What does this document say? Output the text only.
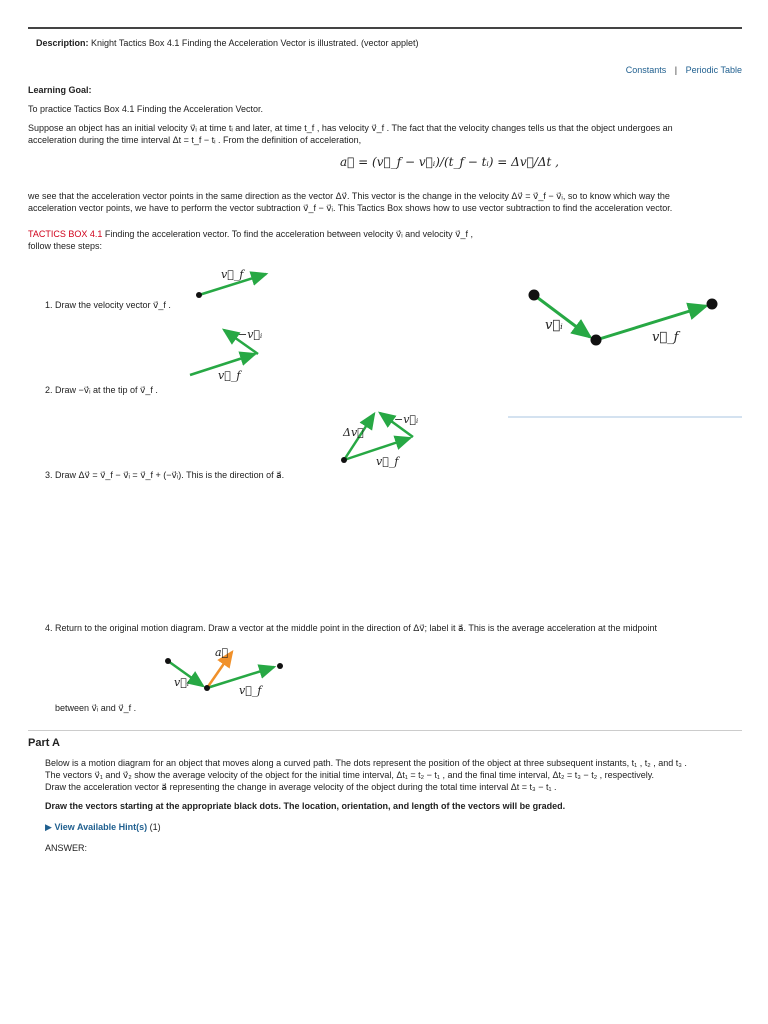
Description: Knight Tactics Box 4.1 Finding the Acceleration Vector is illustrated. (vector applet)
Constants | Periodic Table
Learning Goal:
To practice Tactics Box 4.1 Finding the Acceleration Vector.
Suppose an object has an initial velocity v⃗ᵢ at time tᵢ and later, at time t_f , has velocity v⃗_f . The fact that the velocity changes tells us that the object undergoes an
acceleration during the time interval Δt = t_f − tᵢ . From the definition of acceleration,
a⃗ = (v⃗_f − v⃗ᵢ)/(t_f − tᵢ) = Δv⃗/Δt ,
we see that the acceleration vector points in the same direction as the vector Δv⃗. This vector is the change in the velocity Δv⃗ = v⃗_f − v⃗ᵢ, so to know which way the
acceleration vector points, we have to perform the vector subtraction v⃗_f − v⃗ᵢ. This Tactics Box shows how to use vector subtraction to find the acceleration vector.
TACTICS BOX 4.1 Finding the acceleration vector. To find the acceleration between velocity v⃗ᵢ and velocity v⃗_f ,
follow these steps:
1. Draw the velocity vector v⃗_f .
v⃗_f
−v⃗ᵢ
v⃗_f
2. Draw −v⃗ᵢ at the tip of v⃗_f .
Δv⃗
−v⃗ᵢ
v⃗_f
3. Draw Δv⃗ = v⃗_f − v⃗ᵢ = v⃗_f + (−v⃗ᵢ). This is the direction of a⃗.
v⃗ᵢ
v⃗_f
4. Return to the original motion diagram. Draw a vector at the middle point in the direction of Δv⃗; label it a⃗. This is the average acceleration at the midpoint
a⃗
v⃗ᵢ
v⃗_f
between v⃗ᵢ and v⃗_f .
Part A
Below is a motion diagram for an object that moves along a curved path. The dots represent the position of the object at three subsequent instants, t₁ , t₂ , and t₃ .
The vectors v⃗₁ and v⃗₂ show the average velocity of the object for the initial time interval, Δt₁ = t₂ − t₁ , and the final time interval, Δt₂ = t₃ − t₂ , respectively.
Draw the acceleration vector a⃗ representing the change in average velocity of the object during the total time interval Δt = t₃ − t₁ .
Draw the vectors starting at the appropriate black dots. The location, orientation, and length of the vectors will be graded.
▶ View Available Hint(s) (1)
ANSWER:
